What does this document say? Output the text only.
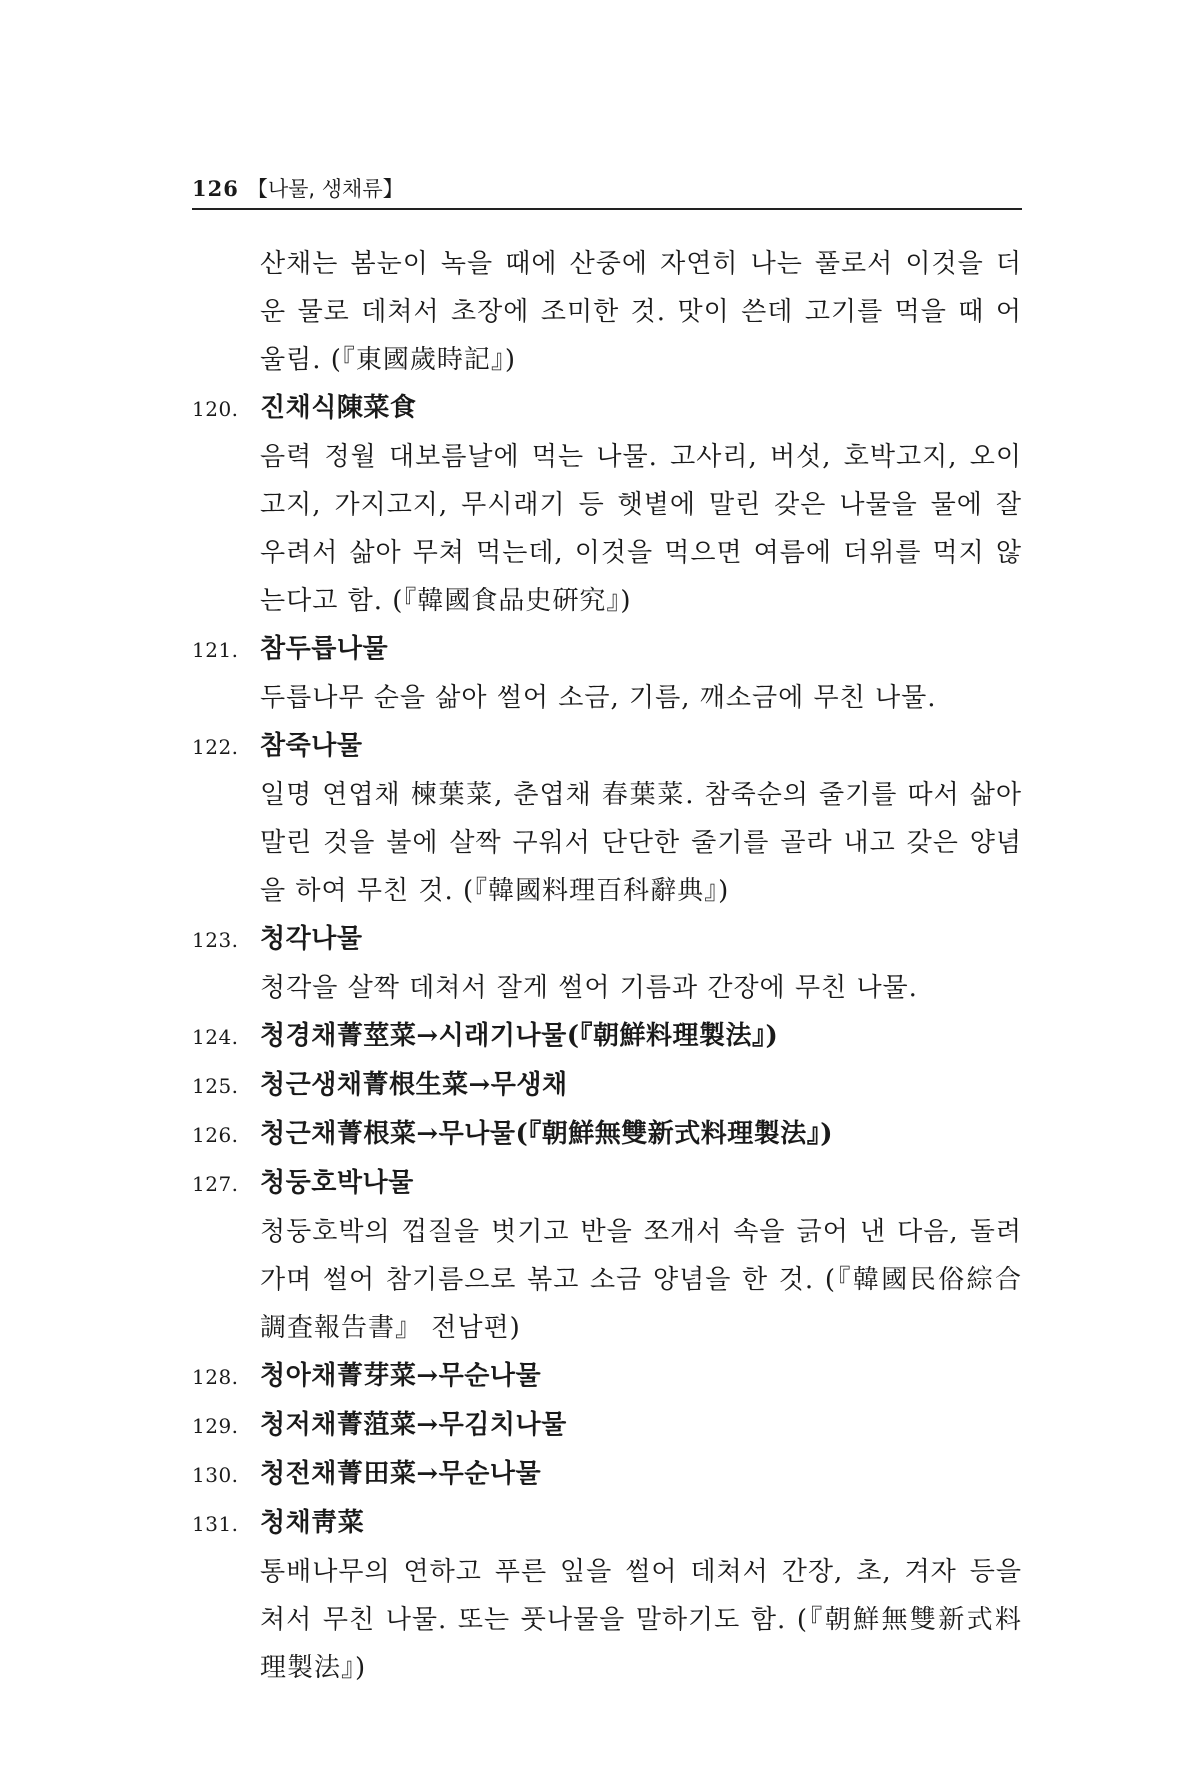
126 【나물, 생채류】

산채는 봄눈이 녹을 때에 산중에 자연히 나는 풀로서 이것을 더운 물로 데쳐서 초장에 조미한 것. 맛이 쓴데 고기를 먹을 때 어울림. (『東國歲時記』)

120. 진채식陳菜食

음력 정월 대보름날에 먹는 나물. 고사리, 버섯, 호박고지, 오이고지, 가지고지, 무시래기 등 햇볕에 말린 갖은 나물을 물에 잘 우려서 삶아 무쳐 먹는데, 이것을 먹으면 여름에 더위를 먹지 않는다고 함. (『韓國食品史硏究』)

121. 참두릅나물

두릅나무 순을 삶아 썰어 소금, 기름, 깨소금에 무친 나물.

122. 참죽나물

일명 연엽채 楝葉菜, 춘엽채 春葉菜. 참죽순의 줄기를 따서 삶아 말린 것을 불에 살짝 구워서 단단한 줄기를 골라 내고 갖은 양념을 하여 무친 것. (『韓國料理百科辭典』)

123. 청각나물

청각을 살짝 데쳐서 잘게 썰어 기름과 간장에 무친 나물.

124. 청경채菁莖菜→시래기나물(『朝鮮料理製法』)

125. 청근생채菁根生菜→무생채

126. 청근채菁根菜→무나물(『朝鮮無雙新式料理製法』)

127. 청둥호박나물

청둥호박의 껍질을 벗기고 반을 쪼개서 속을 긁어 낸 다음, 돌려가며 썰어 참기름으로 볶고 소금 양념을 한 것. (『韓國民俗綜合調査報告書』 전남편)

128. 청아채菁芽菜→무순나물

129. 청저채菁菹菜→무김치나물

130. 청전채菁田菜→무순나물

131. 청채靑菜

통배나무의 연하고 푸른 잎을 썰어 데쳐서 간장, 초, 겨자 등을 쳐서 무친 나물. 또는 풋나물을 말하기도 함. (『朝鮮無雙新式料理製法』)
